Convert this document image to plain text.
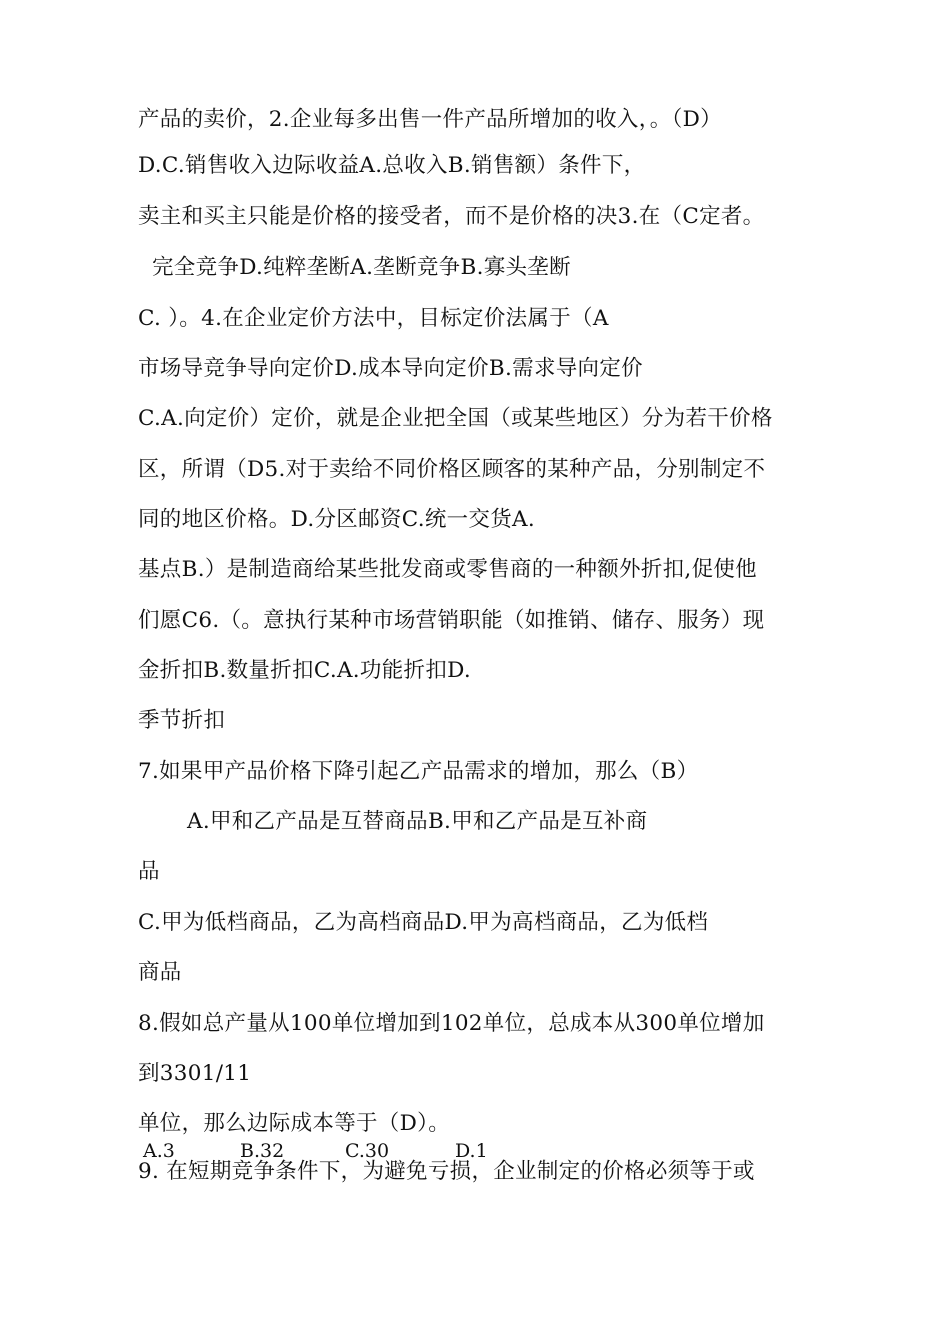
产品的卖价，2.企业每多出售一件产品所增加的收入，。（D）
D.C.销售收入边际收益A.总收入B.销售额）条件下，
卖主和买主只能是价格的接受者，而不是价格的决3.在（C定者。
完全竞争D.纯粹垄断A.垄断竞争B.寡头垄断
C. ）。4.在企业定价方法中，目标定价法属于（A
市场导竞争导向定价D.成本导向定价B.需求导向定价
C.A.向定价）定价，就是企业把全国（或某些地区）分为若干价格
区，所谓（D5.对于卖给不同价格区顾客的某种产品，分别制定不
同的地区价格。D.分区邮资C.统一交货A.
基点B.）是制造商给某些批发商或零售商的一种额外折扣,促使他
们愿C6.（。意执行某种市场营销职能（如推销、储存、服务）现
金折扣B.数量折扣C.A.功能折扣D.
季节折扣
7.如果甲产品价格下降引起乙产品需求的增加，那么（B）
A.甲和乙产品是互替商品B.甲和乙产品是互补商
品
C.甲为低档商品，乙为高档商品D.甲为高档商品，乙为低档
商品
8.假如总产量从100单位增加到102单位，总成本从300单位增加
到3301/11
单位，那么边际成本等于（D）。
A.3	B.32	C.30	D.1
9. 在短期竞争条件下，为避免亏损，企业制定的价格必须等于或
